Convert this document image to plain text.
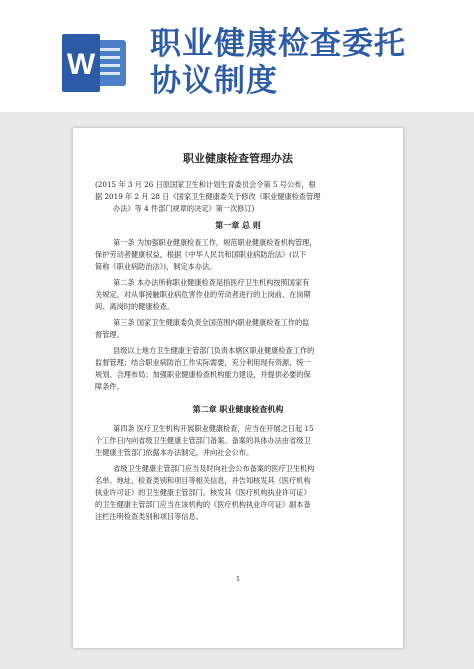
W
职业健康检查委托
协议制度
职业健康检查管理办法
(2015 年 3 月 26 日原国家卫生和计划生育委员会令第 5 号公布，根
据 2019 年 2 月 28 日《国家卫生健康委关于修改《职业健康检查管理
办法》等 4 件部门规章的决定》第一次修订)
第一章 总 则
第一条 为加强职业健康检查工作，规范职业健康检查机构管理，
保护劳动者健康权益，根据《中华人民共和国职业病防治法》(以下
简称《职业病防治法》)，制定本办法。
第二条 本办法所称职业健康检查是指医疗卫生机构按照国家有
关规定，对从事接触职业病危害作业的劳动者进行的上岗前、在岗期
间、离岗时的健康检查。
第三条 国家卫生健康委负责全国范围内职业健康检查工作的监
督管理。
县级以上地方卫生健康主管部门负责本辖区职业健康检查工作的
监督管理；结合职业病防治工作实际需要，充分利用现有资源，统一
规划、合理布局；加强职业健康检查机构能力建设，并提供必要的保
障条件。
第二章 职业健康检查机构
第四条 医疗卫生机构开展职业健康检查，应当在开展之日起 15
个工作日内向省级卫生健康主管部门备案。备案的具体办法由省级卫
生健康主管部门依据本办法制定，并向社会公布。
省级卫生健康主管部门应当及时向社会公布备案的医疗卫生机构
名单、地址、检查类别和项目等相关信息，并告知核发其《医疗机构
执业许可证》的卫生健康主管部门。核发其《医疗机构执业许可证》
的卫生健康主管部门应当在该机构的《医疗机构执业许可证》副本备
注栏注明检查类别和项目等信息。
1
